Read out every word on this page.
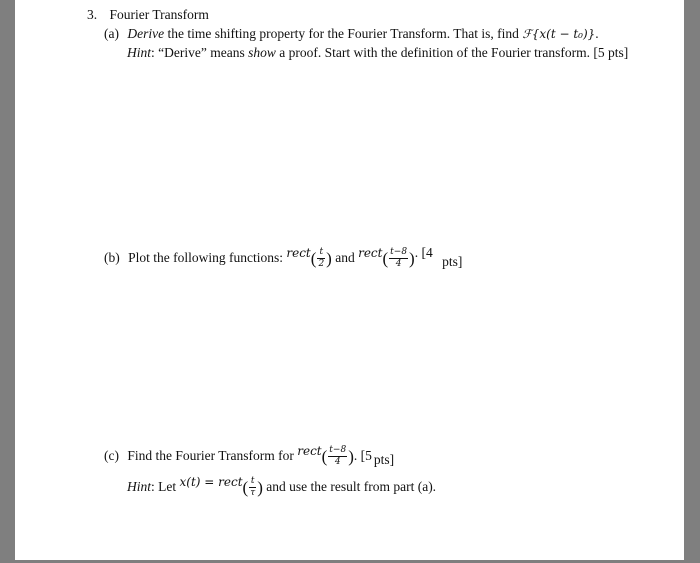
3. Fourier Transform
(a) Derive the time shifting property for the Fourier Transform. That is, find ℱ{x(t − t₀)}.
Hint: “Derive” means show a proof. Start with the definition of the Fourier transform. [5 pts]
(b) Plot the following functions: rect( $\frac{t}{2}$ ) and rect( $\frac{t-8}{4}$ ). [4 pts]
(c) Find the Fourier Transform for rect( $\frac{t-8}{4}$ ). [5 pts]
Hint: Let x(t) = rect( $\frac{t}{\tau}$ ) and use the result from part (a).
